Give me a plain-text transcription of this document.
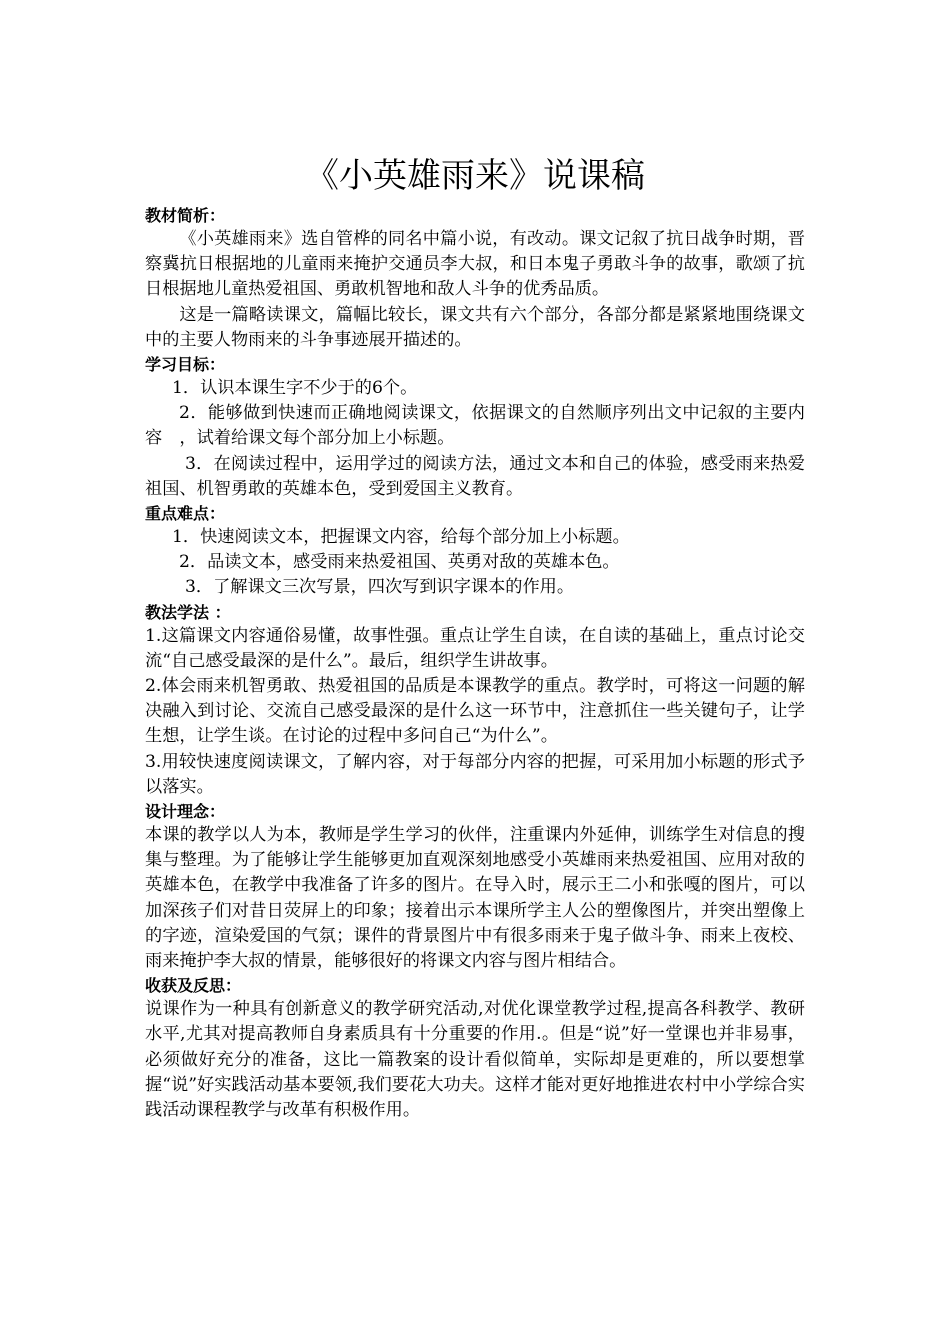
《小英雄雨来》说课稿

教材简析：

《小英雄雨来》选自管桦的同名中篇小说，有改动。课文记叙了抗日战争时期，晋察冀抗日根据地的儿童雨来掩护交通员李大叔，和日本鬼子勇敢斗争的故事，歌颂了抗日根据地儿童热爱祖国、勇敢机智地和敌人斗争的优秀品质。

这是一篇略读课文，篇幅比较长，课文共有六个部分，各部分都是紧紧地围绕课文中的主要人物雨来的斗争事迹展开描述的。

学习目标：

1．认识本课生字不少于的6个。

2．能够做到快速而正确地阅读课文，依据课文的自然顺序列出文中记叙的主要内容　，试着给课文每个部分加上小标题。

3．在阅读过程中，运用学过的阅读方法，通过文本和自己的体验，感受雨来热爱祖国、机智勇敢的英雄本色，受到爱国主义教育。

重点难点：

1．快速阅读文本，把握课文内容，给每个部分加上小标题。

2．品读文本，感受雨来热爱祖国、英勇对敌的英雄本色。

3．了解课文三次写景，四次写到识字课本的作用。

教法学法 ：

1.这篇课文内容通俗易懂，故事性强。重点让学生自读，在自读的基础上，重点讨论交流“自己感受最深的是什么”。最后，组织学生讲故事。

2.体会雨来机智勇敢、热爱祖国的品质是本课教学的重点。教学时，可将这一问题的解决融入到讨论、交流自己感受最深的是什么这一环节中，注意抓住一些关键句子，让学生想，让学生谈。在讨论的过程中多问自己“为什么”。

3.用较快速度阅读课文，了解内容，对于每部分内容的把握，可采用加小标题的形式予以落实。

设计理念：

本课的教学以人为本，教师是学生学习的伙伴，注重课内外延伸，训练学生对信息的搜集与整理。为了能够让学生能够更加直观深刻地感受小英雄雨来热爱祖国、应用对敌的英雄本色，在教学中我准备了许多的图片。在导入时，展示王二小和张嘎的图片，可以加深孩子们对昔日荧屏上的印象；接着出示本课所学主人公的塑像图片，并突出塑像上的字迹，渲染爱国的气氛；课件的背景图片中有很多雨来于鬼子做斗争、雨来上夜校、雨来掩护李大叔的情景，能够很好的将课文内容与图片相结合。

收获及反思：

说课作为一种具有创新意义的教学研究活动,对优化课堂教学过程,提高各科教学、教研水平,尤其对提高教师自身素质具有十分重要的作用.。但是“说”好一堂课也并非易事，必须做好充分的准备，这比一篇教案的设计看似简单，实际却是更难的，所以要想掌握“说”好实践活动基本要领,我们要花大功夫。这样才能对更好地推进农村中小学综合实践活动课程教学与改革有积极作用。
